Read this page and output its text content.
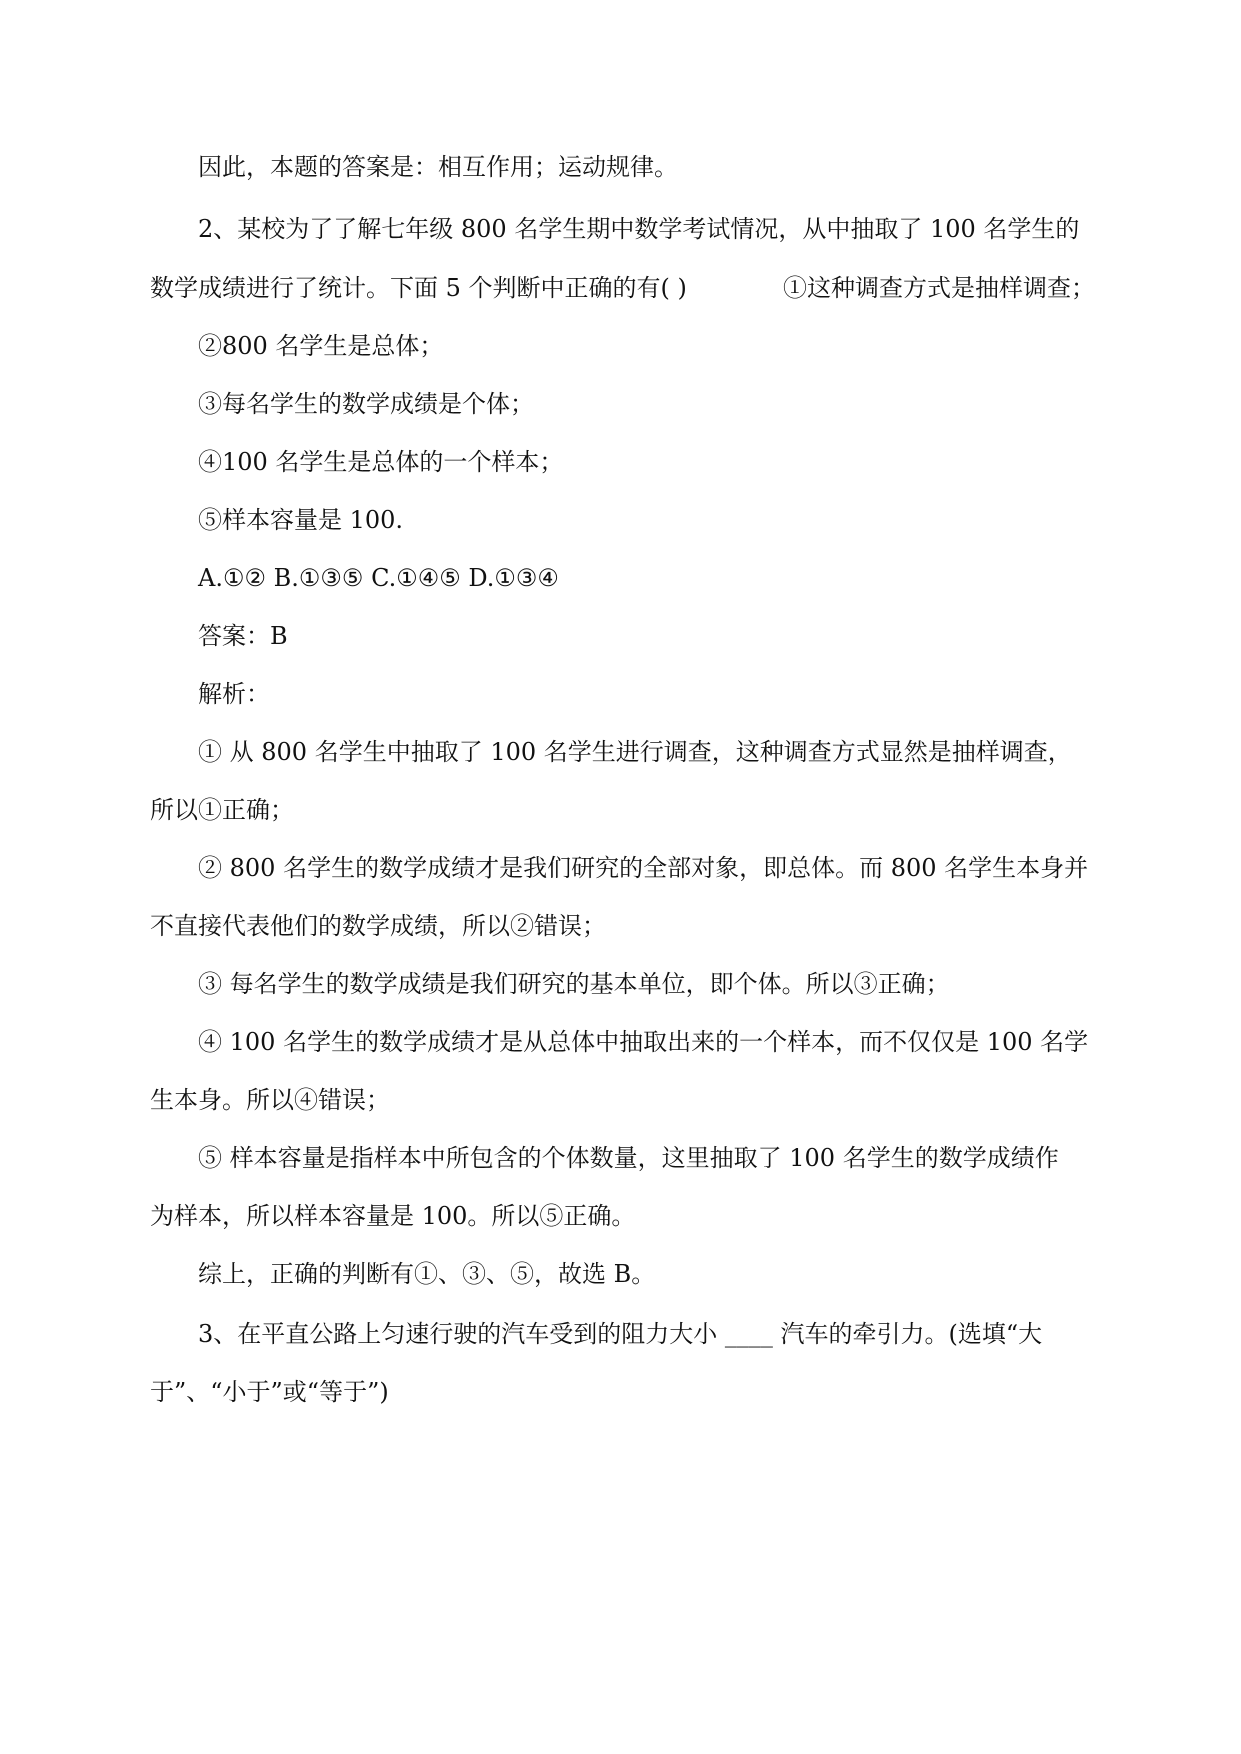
因此，本题的答案是：相互作用；运动规律。
2、某校为了了解七年级 800 名学生期中数学考试情况，从中抽取了 100 名学生的
数学成绩进行了统计。下面 5 个判断中正确的有( )	①这种调查方式是抽样调查；
②800 名学生是总体；
③每名学生的数学成绩是个体；
④100 名学生是总体的一个样本；
⑤样本容量是 100.
A.①② B.①③⑤ C.①④⑤ D.①③④
答案：B
解析：
① 从 800 名学生中抽取了 100 名学生进行调查，这种调查方式显然是抽样调查，
所以①正确；
② 800 名学生的数学成绩才是我们研究的全部对象，即总体。而 800 名学生本身并
不直接代表他们的数学成绩，所以②错误；
③ 每名学生的数学成绩是我们研究的基本单位，即个体。所以③正确；
④ 100 名学生的数学成绩才是从总体中抽取出来的一个样本，而不仅仅是 100 名学
生本身。所以④错误；
⑤ 样本容量是指样本中所包含的个体数量，这里抽取了 100 名学生的数学成绩作
为样本，所以样本容量是 100。所以⑤正确。
综上，正确的判断有①、③、⑤，故选 B。
3、在平直公路上匀速行驶的汽车受到的阻力大小 ____ 汽车的牵引力。(选填“大
于”、“小于”或“等于”)
